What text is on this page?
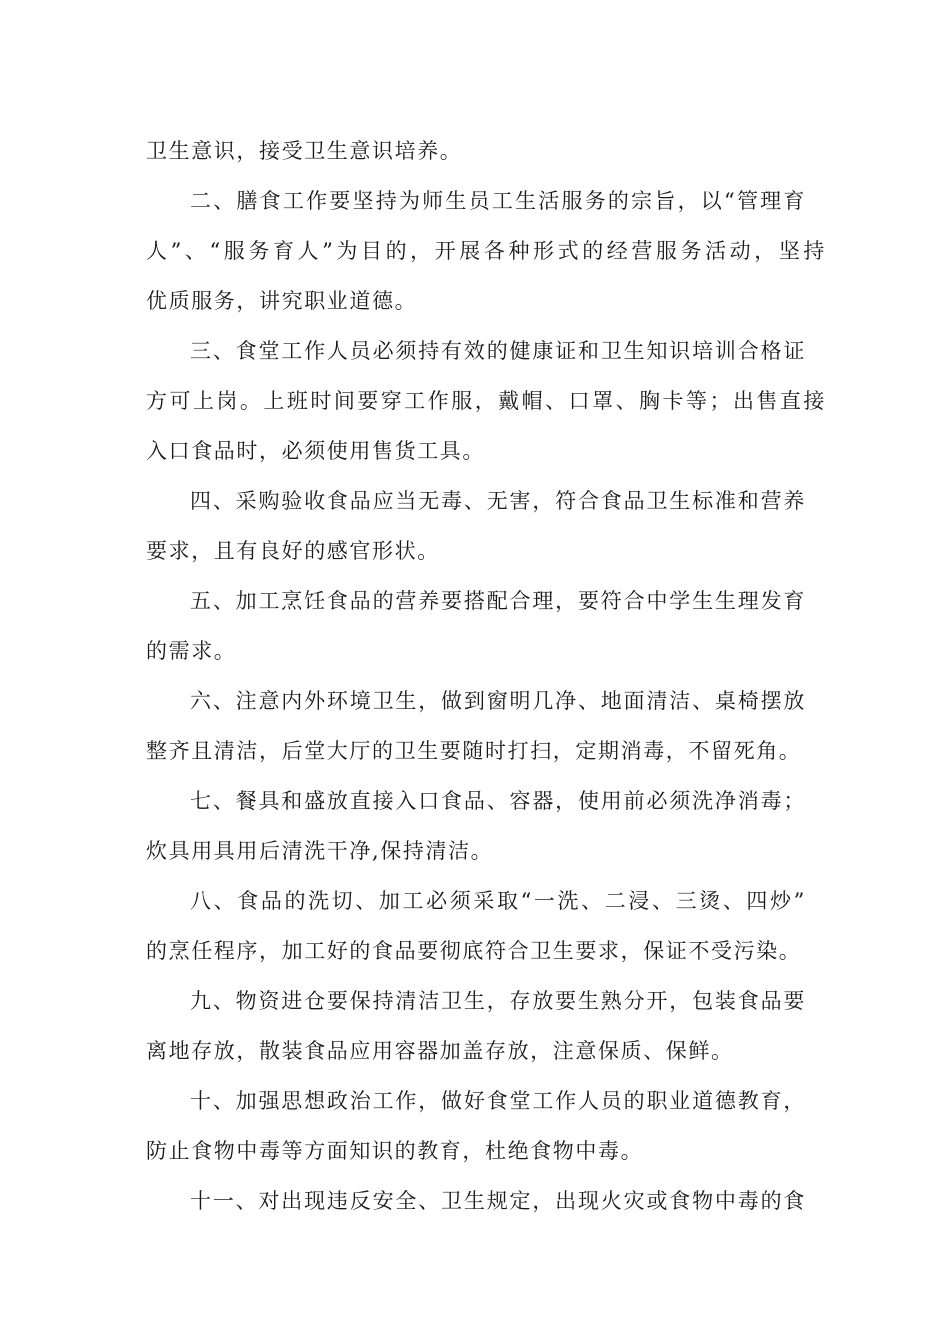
卫生意识，接受卫生意识培养。
二、膳食工作要坚持为师生员工生活服务的宗旨，以“管理育
人”、“服务育人”为目的，开展各种形式的经营服务活动，坚持
优质服务，讲究职业道德。
三、食堂工作人员必须持有效的健康证和卫生知识培训合格证
方可上岗。上班时间要穿工作服，戴帽、口罩、胸卡等；出售直接
入口食品时，必须使用售货工具。
四、采购验收食品应当无毒、无害，符合食品卫生标准和营养
要求，且有良好的感官形状。
五、加工烹饪食品的营养要搭配合理，要符合中学生生理发育
的需求。
六、注意内外环境卫生，做到窗明几净、地面清洁、桌椅摆放
整齐且清洁，后堂大厅的卫生要随时打扫，定期消毒，不留死角。
七、餐具和盛放直接入口食品、容器，使用前必须洗净消毒；
炊具用具用后清洗干净,保持清洁。
八、食品的洗切、加工必须采取“一洗、二浸、三烫、四炒”
的烹任程序，加工好的食品要彻底符合卫生要求，保证不受污染。
九、物资进仓要保持清洁卫生，存放要生熟分开，包装食品要
离地存放，散装食品应用容器加盖存放，注意保质、保鲜。
十、加强思想政治工作，做好食堂工作人员的职业道德教育，
防止食物中毒等方面知识的教育，杜绝食物中毒。
十一、对出现违反安全、卫生规定，出现火灾或食物中毒的食
